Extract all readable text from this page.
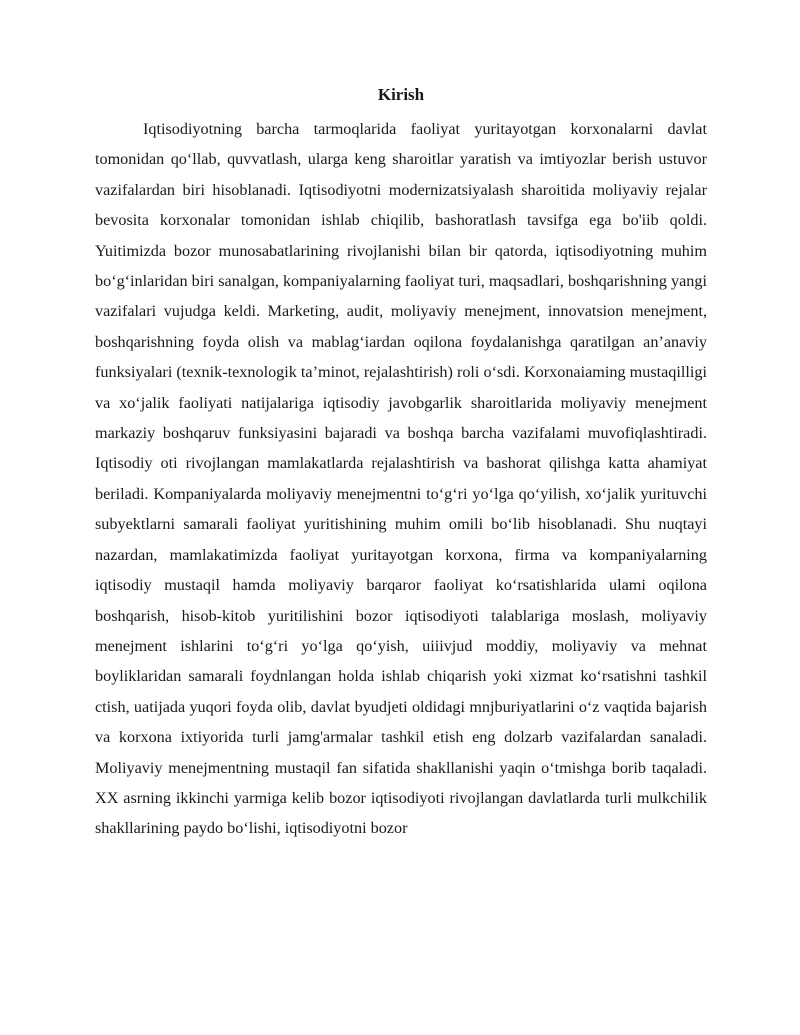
Kirish

Iqtisodiyotning barcha tarmoqlarida faoliyat yuritayotgan korxonalarni davlat tomonidan qo‘llab, quvvatlash, ularga keng sharoitlar yaratish va imtiyozlar berish ustuvor vazifalardan biri hisoblanadi. Iqtisodiyotni modernizatsiyalash sharoitida moliyaviy rejalar bevosita korxonalar tomonidan ishlab chiqilib, bashoratlash tavsifga ega bo'iib qoldi. Yuitimizda bozor munosabatlarining rivojlanishi bilan bir qatorda, iqtisodiyotning muhim bo‘g‘inlaridan biri sanalgan, kompaniyalarning faoliyat turi, maqsadlari, boshqarishning yangi vazifalari vujudga keldi. Marketing, audit, moliyaviy menejment, innovatsion menejment, boshqarishning foyda olish va mablag‘iardan oqilona foydalanishga qaratilgan an’anaviy funksiyalari (texnik-texnologik ta’minot, rejalashtirish) roli o‘sdi. Korxonaiaming mustaqilligi va xo‘jalik faoliyati natijalariga iqtisodiy javobgarlik sharoitlarida moliyaviy menejment markaziy boshqaruv funksiyasini bajaradi va boshqa barcha vazifalami muvofiqlashtiradi. Iqtisodiy oti rivojlangan mamlakatlarda rejalashtirish va bashorat qilishga katta ahamiyat beriladi. Kompaniyalarda moliyaviy menejmentni to‘g‘ri yo‘lga qo‘yilish, xo‘jalik yurituvchi subyektlarni samarali faoliyat yuritishining muhim omili bo‘lib hisoblanadi. Shu nuqtayi nazardan, mamlakatimizda faoliyat yuritayotgan korxona, firma va kompaniyalarning iqtisodiy mustaqil hamda moliyaviy barqaror faoliyat ko‘rsatishlarida ulami oqilona boshqarish, hisob-kitob yuritilishini bozor iqtisodiyoti talablariga moslash, moliyaviy menejment ishlarini to‘g‘ri yo‘lga qo‘yish, uiiivjud moddiy, moliyaviy va mehnat boyliklaridan samarali foydnlangan holda ishlab chiqarish yoki xizmat ko‘rsatishni tashkil ctish, uatijada yuqori foyda olib, davlat byudjeti oldidagi mnjburiyatlarini o‘z vaqtida bajarish va korxona ixtiyorida turli jamg'armalar tashkil etish eng dolzarb vazifalardan sanaladi. Moliyaviy menejmentning mustaqil fan sifatida shakllanishi yaqin o‘tmishga borib taqaladi. XX asrning ikkinchi yarmiga kelib bozor iqtisodiyoti rivojlangan davlatlarda turli mulkchilik shakllarining paydo bo‘lishi, iqtisodiyotni bozor
